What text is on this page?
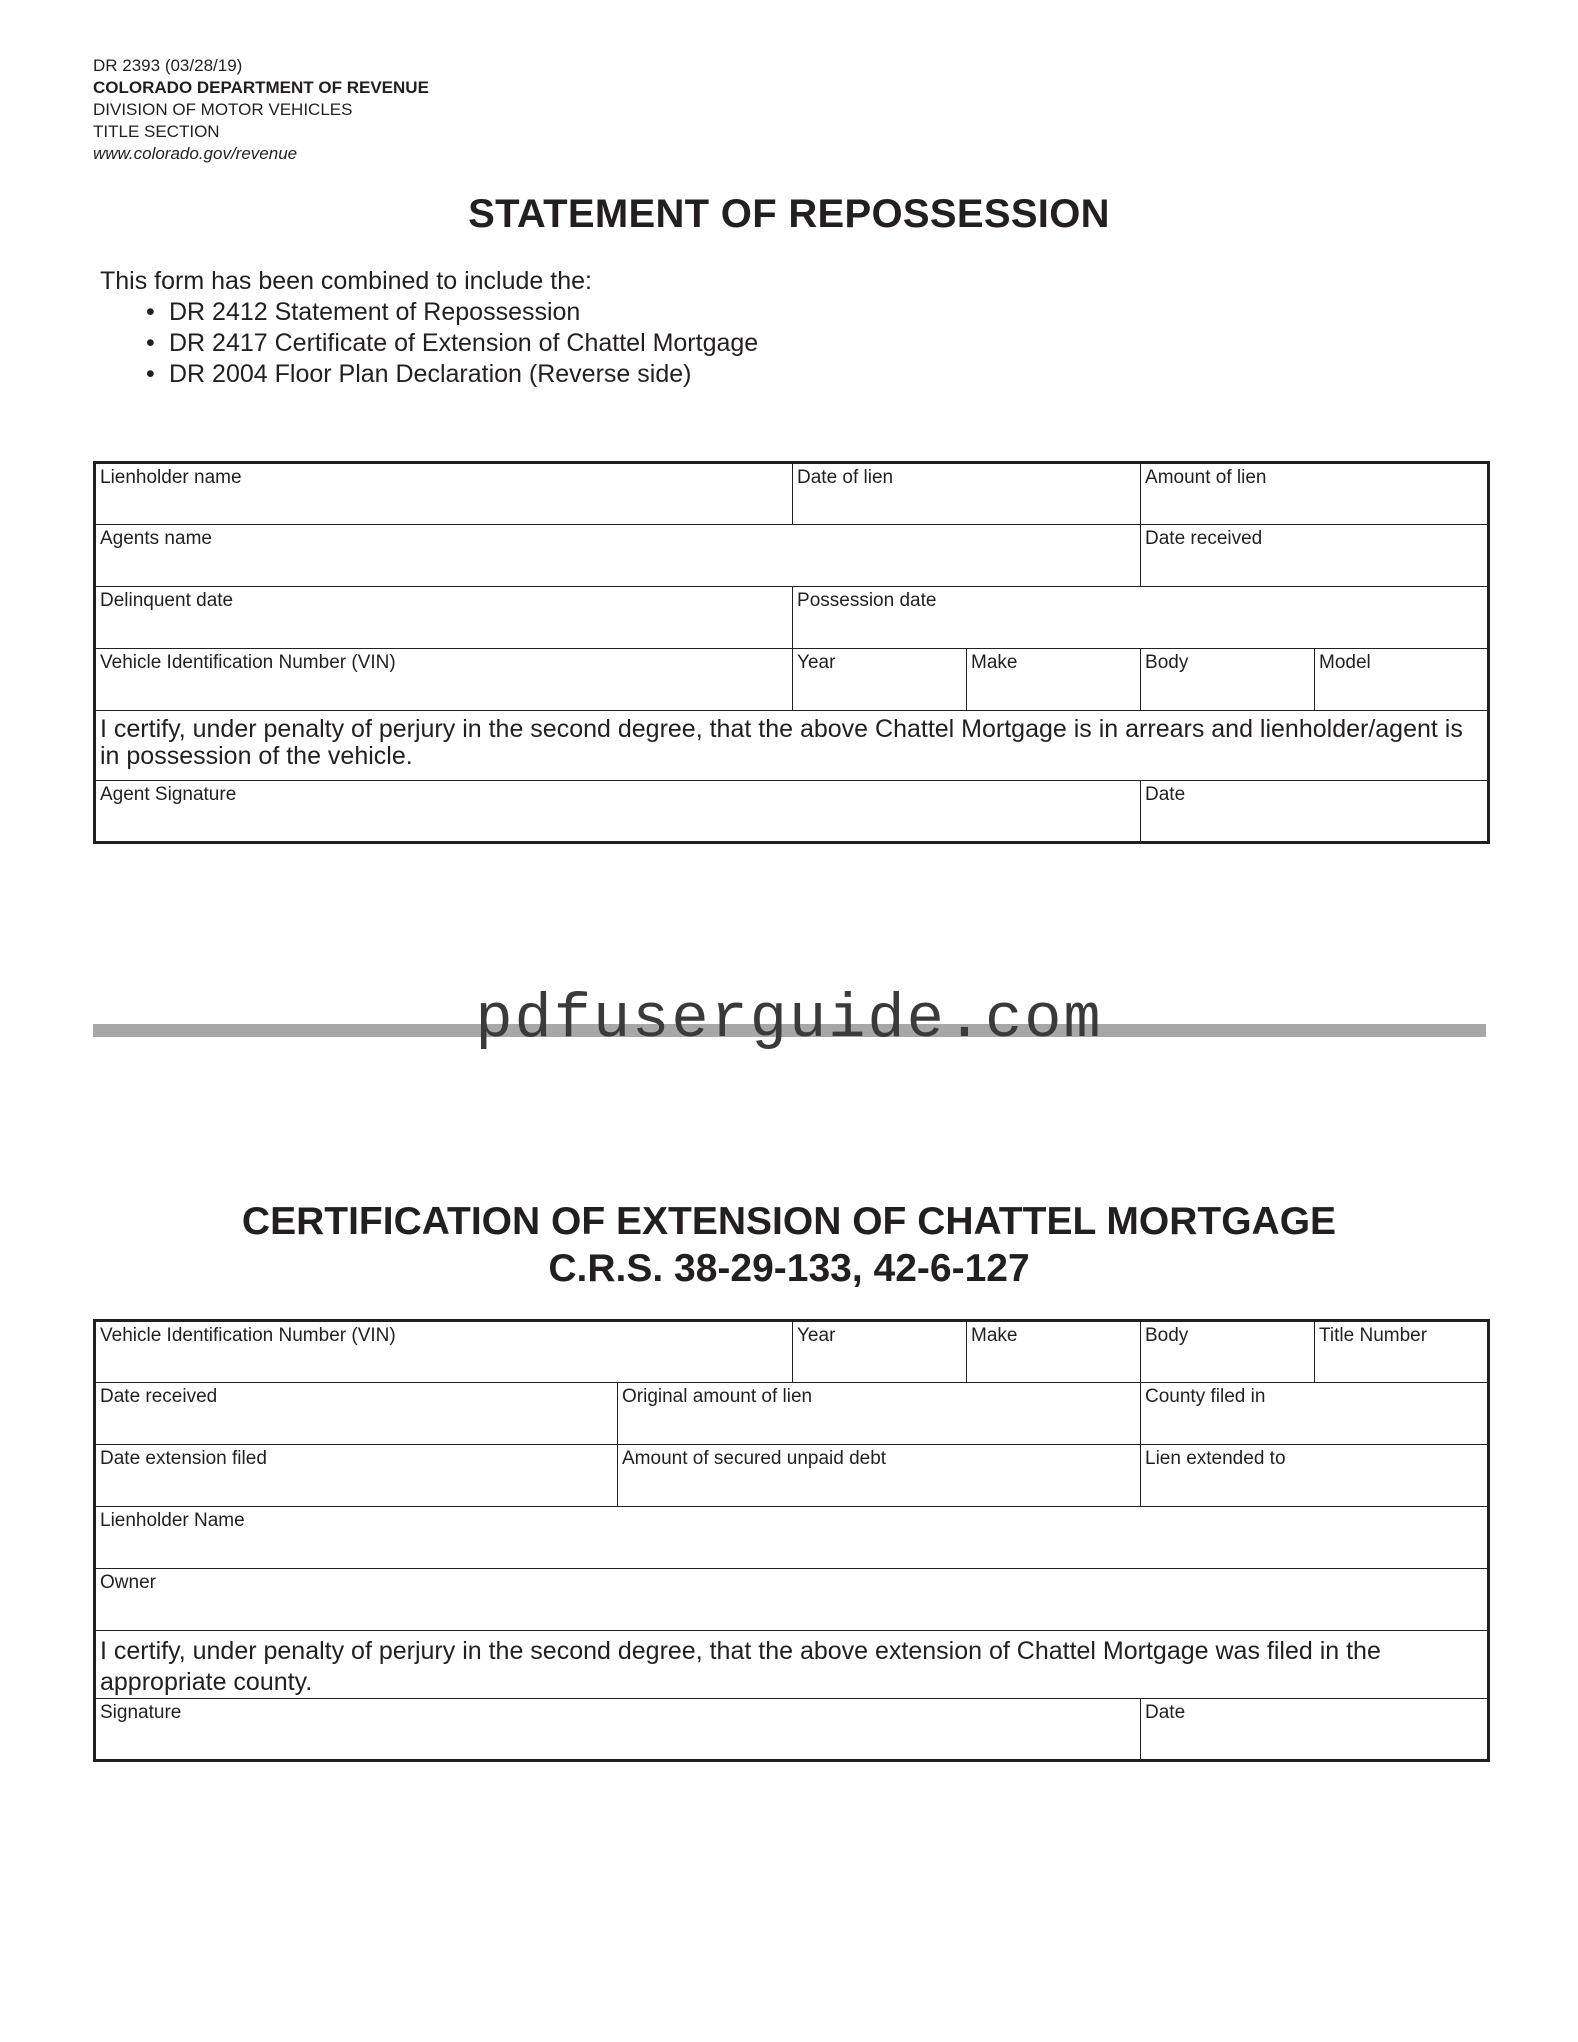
DR 2393 (03/28/19)
COLORADO DEPARTMENT OF REVENUE
DIVISION OF MOTOR VEHICLES
TITLE SECTION
www.colorado.gov/revenue
STATEMENT OF REPOSSESSION
This form has been combined to include the:
• DR 2412 Statement of Repossession
• DR 2417 Certificate of Extension of Chattel Mortgage
• DR 2004 Floor Plan Declaration (Reverse side)
Lienholder name	Date of lien		Amount of lien	
Agents name			Date received	
Delinquent date	Possession date			
Vehicle Identification Number (VIN)	Year	Make	Body	Model
I certify, under penalty of perjury in the second degree, that the above Chattel Mortgage is in arrears and lienholder/agent is in possession of the vehicle.				
Agent Signature			Date	
pdfuserguide.com
CERTIFICATION OF EXTENSION OF CHATTEL MORTGAGE
C.R.S. 38-29-133, 42-6-127
Vehicle Identification Number (VIN)		Year	Make	Body	Title Number
Date received	Original amount of lien			County filed in	
Date extension filed	Amount of secured unpaid debt			Lien extended to	
Lienholder Name					
Owner					
I certify, under penalty of perjury in the second degree, that the above extension of Chattel Mortgage was filed in the appropriate county.					
Signature				Date	
